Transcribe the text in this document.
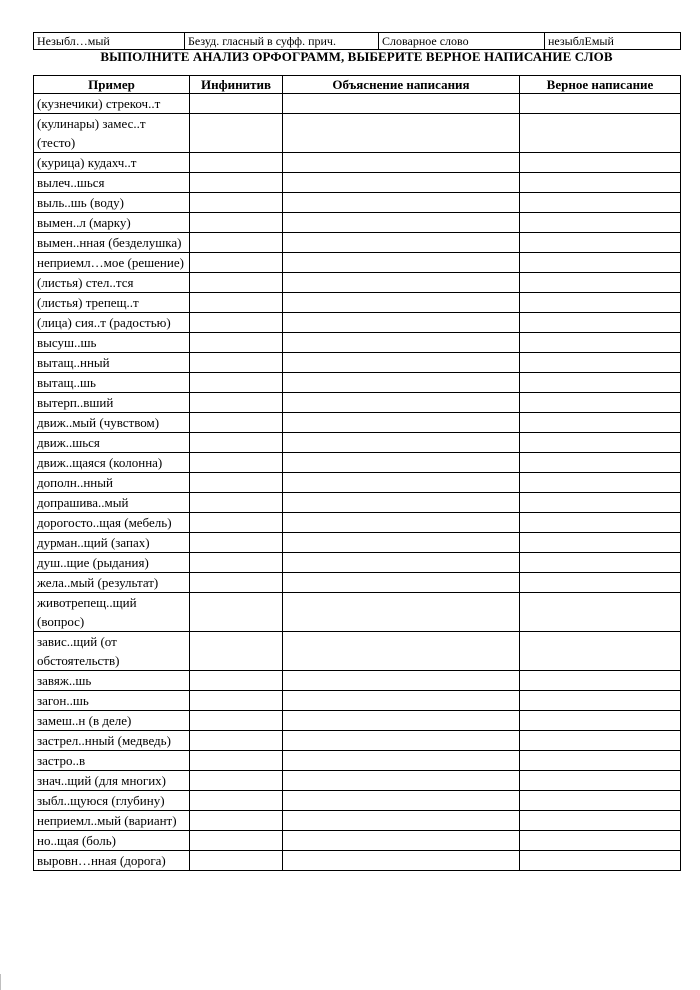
Незыбл…мый	Безуд. гласный в суфф. прич.	Словарное слово	незыблЕмый
ВЫПОЛНИТЕ АНАЛИЗ ОРФОГРАММ, ВЫБЕРИТЕ ВЕРНОЕ НАПИСАНИЕ СЛОВ
Пример	Инфинитив	Объяснение написания	Верное написание
(кузнечики) стрекоч..т			
(кулинары) замес..т (тесто)			
(курица) кудахч..т			
вылеч..шься			
выль..шь (воду)			
вымен..л (марку)			
вымен..нная (безделушка)			
неприемл…мое (решение)			
(листья) стел..тся			
(листья) трепещ..т			
(лица) сия..т (радостью)			
высуш..шь			
вытащ..нный			
вытащ..шь			
вытерп..вший			
движ..мый (чувством)			
движ..шься			
движ..щаяся (колонна)			
дополн..нный			
допрашива..мый			
дорогосто..щая (мебель)			
дурман..щий (запах)			
душ..щие (рыдания)			
жела..мый (результат)			
животрепещ..щий (вопрос)			
завис..щий (от обстоятельств)			
завяж..шь			
загон..шь			
замеш..н (в деле)			
застрел..нный (медведь)			
застро..в			
знач..щий (для многих)			
зыбл..щуюся (глубину)			
неприемл..мый (вариант)			
но..щая (боль)			
выровн…нная (дорога)			
